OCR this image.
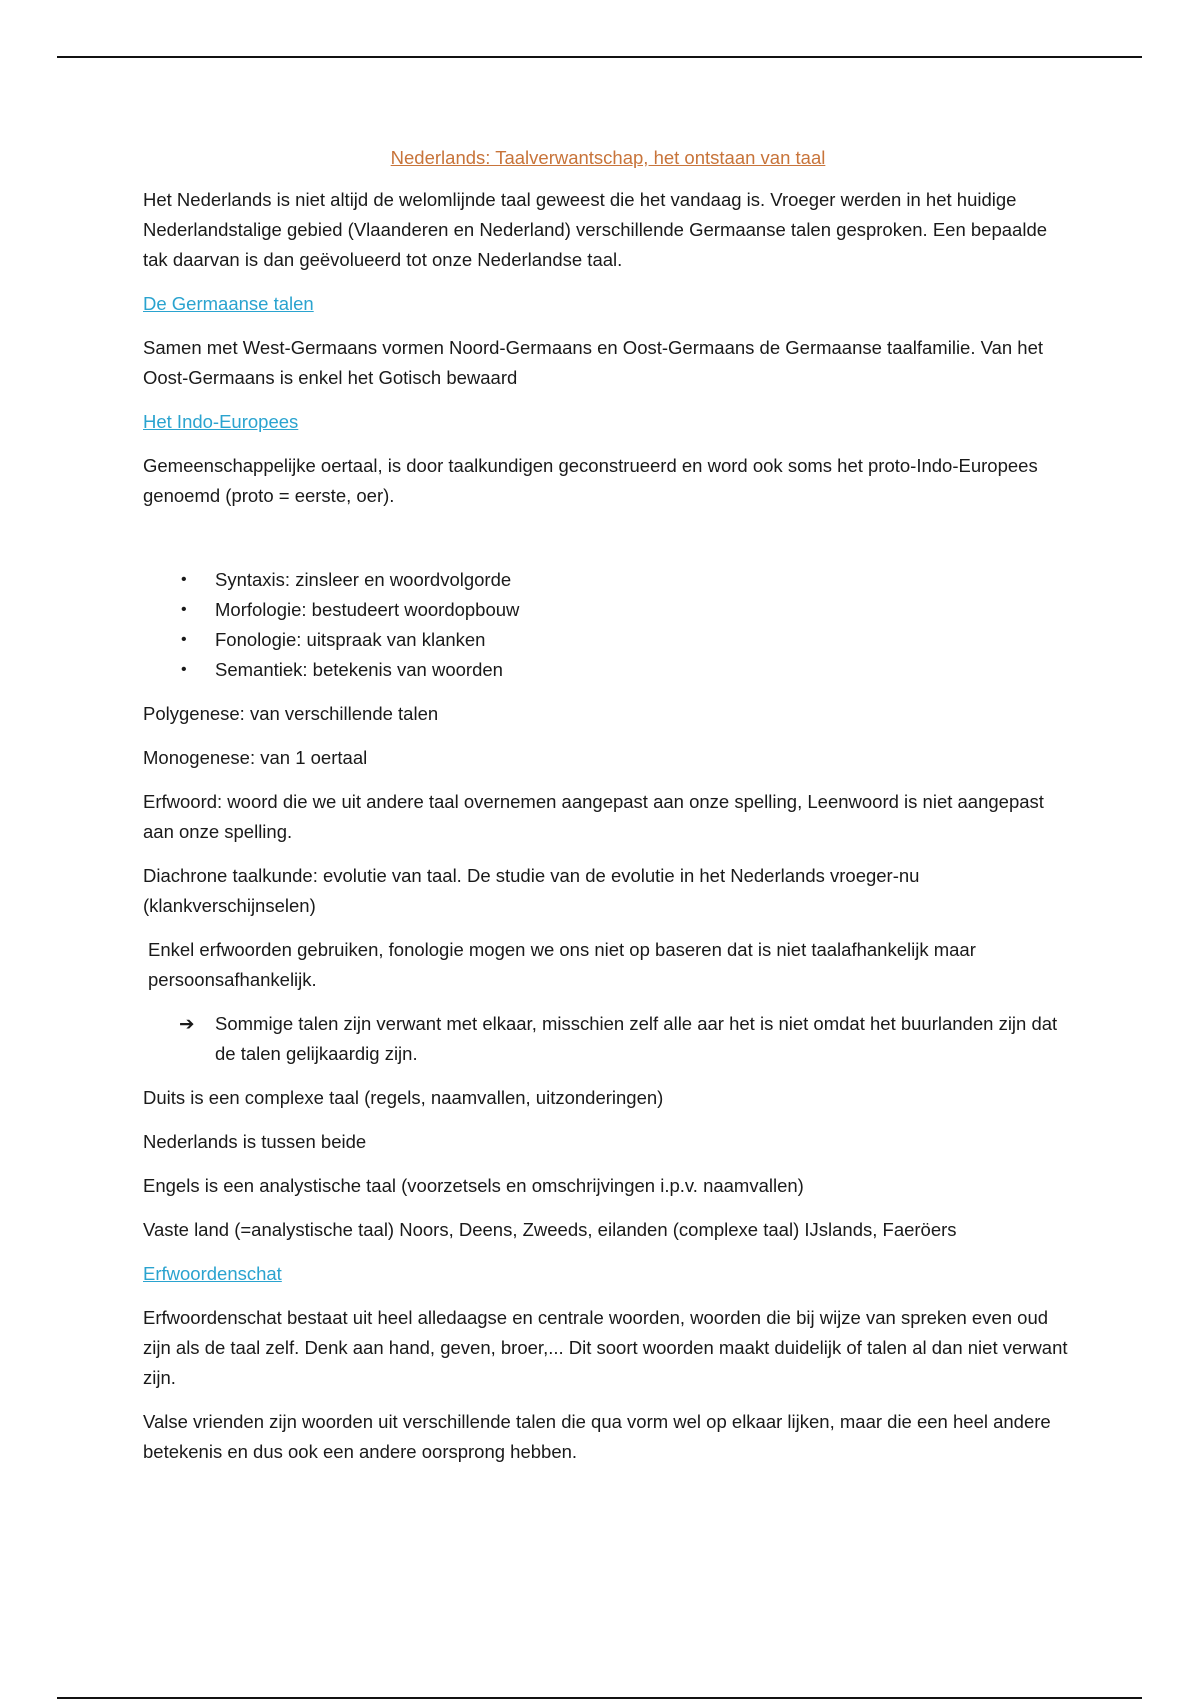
Nederlands: Taalverwantschap, het ontstaan van taal

Het Nederlands is niet altijd de welomlijnde taal geweest die het vandaag is. Vroeger werden in het huidige Nederlandstalige gebied (Vlaanderen en Nederland) verschillende Germaanse talen gesproken. Een bepaalde tak daarvan is dan geëvolueerd tot onze Nederlandse taal.

De Germaanse talen

Samen met West-Germaans vormen Noord-Germaans en Oost-Germaans de Germaanse taalfamilie. Van het Oost-Germaans is enkel het Gotisch bewaard

Het Indo-Europees

Gemeenschappelijke oertaal, is door taalkundigen geconstrueerd en word ook soms het proto-Indo-Europees genoemd (proto = eerste, oer).

• Syntaxis: zinsleer en woordvolgorde
• Morfologie: bestudeert woordopbouw
• Fonologie: uitspraak van klanken
• Semantiek: betekenis van woorden

Polygenese: van verschillende talen

Monogenese: van 1 oertaal

Erfwoord: woord die we uit andere taal overnemen aangepast aan onze spelling, Leenwoord is niet aangepast aan onze spelling.

Diachrone taalkunde: evolutie van taal. De studie van de evolutie in het Nederlands vroeger-nu (klankverschijnselen)

Enkel erfwoorden gebruiken, fonologie mogen we ons niet op baseren dat is niet taalafhankelijk maar persoonsafhankelijk.

➔ Sommige talen zijn verwant met elkaar, misschien zelf alle aar het is niet omdat het buurlanden zijn dat de talen gelijkaardig zijn.

Duits is een complexe taal (regels, naamvallen, uitzonderingen)

Nederlands is tussen beide

Engels is een analystische taal (voorzetsels en omschrijvingen i.p.v. naamvallen)

Vaste land (=analystische taal) Noors, Deens, Zweeds, eilanden (complexe taal) IJslands, Faeröers

Erfwoordenschat

Erfwoordenschat bestaat uit heel alledaagse en centrale woorden, woorden die bij wijze van spreken even oud zijn als de taal zelf. Denk aan hand, geven, broer,... Dit soort woorden maakt duidelijk of talen al dan niet verwant zijn.

Valse vrienden zijn woorden uit verschillende talen die qua vorm wel op elkaar lijken, maar die een heel andere betekenis en dus ook een andere oorsprong hebben.
